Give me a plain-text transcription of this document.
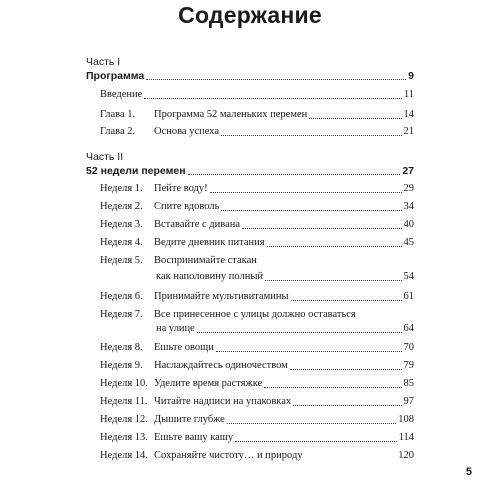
Содержание
Часть I
Программа	9
Введение	11
Глава 1.	Программа 52 маленьких перемен	14
Глава 2.	Основа успеха	21
Часть II
52 недели перемен	27
Неделя 1.	Пейте воду!	29
Неделя 2.	Спите вдоволь	34
Неделя 3.	Вставайте с дивана	40
Неделя 4.	Ведите дневник питания	45
Неделя 5.	Воспринимайте стакан
как наполовину полный	54
Неделя 6.	Принимайте мультивитамины	61
Неделя 7.	Все принесенное с улицы должно оставаться
на улице	64
Неделя 8.	Ешьте овощи	70
Неделя 9.	Наслаждайтесь одиночеством	79
Неделя 10. Уделите время растяжке	85
Неделя 11. Читайте надписи на упаковках	97
Неделя 12. Дышите глубже	108
Неделя 13. Ешьте вашу кашу	114
Неделя 14. Сохраняйте чистоту… и природу	120
5
